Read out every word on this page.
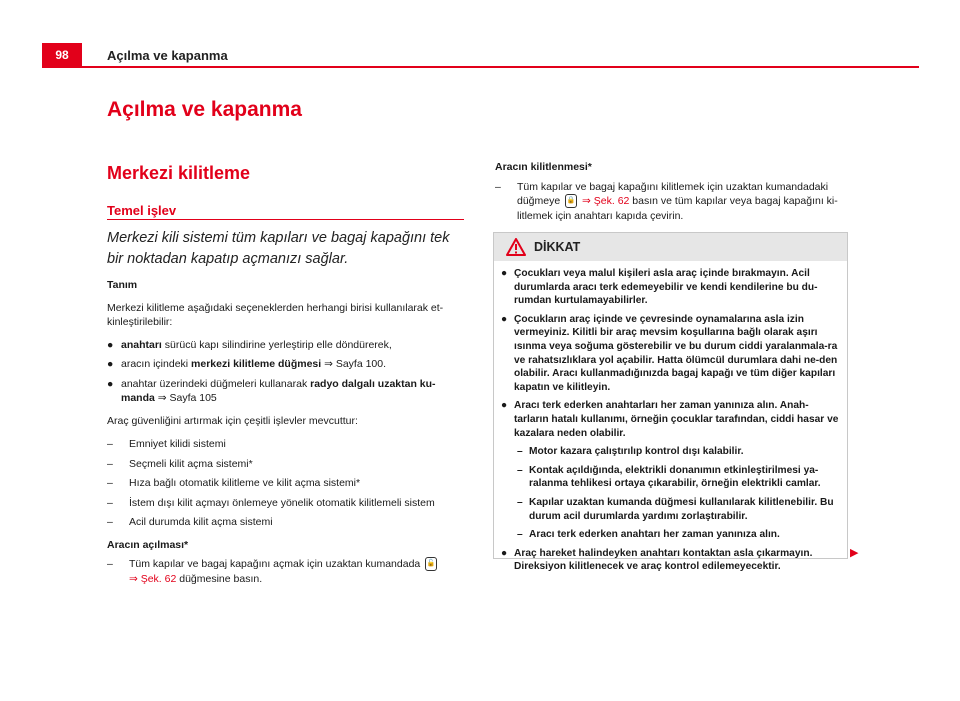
98	Açılma ve kapanma
Açılma ve kapanma
Merkezi kilitleme
Temel işlev
Merkezi kili sistemi tüm kapıları ve bagaj kapağını tek bir noktadan kapatıp açmanızı sağlar.

Tanım

Merkezi kilitleme aşağıdaki seçeneklerden herhangi birisi kullanılarak et-kinleştirilebilir:

● anahtarı sürücü kapı silindirine yerleştirip elle döndürerek,
● aracın içindeki merkezi kilitleme düğmesi ⇒ Sayfa 100.
● anahtar üzerindeki düğmeleri kullanarak radyo dalgalı uzaktan ku-manda ⇒ Sayfa 105

Araç güvenliğini artırmak için çeşitli işlevler mevcuttur:

–	Emniyet kilidi sistemi
–	Seçmeli kilit açma sistemi*
–	Hıza bağlı otomatik kilitleme ve kilit açma sistemi*
–	İstem dışı kilit açmayı önlemeye yönelik otomatik kilitlemeli sistem
–	Acil durumda kilit açma sistemi

Aracın açılması*

–	Tüm kapılar ve bagaj kapağını açmak için uzaktan kumandada 🔓
⇒ Şek. 62 düğmesine basın.

Aracın kilitlenmesi*

–	Tüm kapılar ve bagaj kapağını kilitlemek için uzaktan kumandadaki düğmeye 🔒 ⇒ Şek. 62 basın ve tüm kapılar veya bagaj kapağını ki-litlemek için anahtarı kapıda çevirin.
DİKKAT
● Çocukları veya malul kişileri asla araç içinde bırakmayın. Acil durumlarda aracı terk edemeyebilir ve kendi kendilerine bu du-rumdan kurtulamayabilirler.
● Çocukların araç içinde ve çevresinde oynamalarına asla izin vermeyiniz. Kilitli bir araç mevsim koşullarına bağlı olarak aşırı ısınma veya soğuma gösterebilir ve bu durum ciddi yaralanmala-ra ve rahatsızlıklara yol açabilir. Hatta ölümcül durumlara dahi ne-den olabilir. Aracı kullanmadığınızda bagaj kapağı ve tüm diğer kapıları kapatın ve kilitleyin.
● Aracı terk ederken anahtarları her zaman yanınıza alın. Anah-tarların hatalı kullanımı, örneğin çocuklar tarafından, ciddi hasar ve kazalara neden olabilir.
– Motor kazara çalıştırılıp kontrol dışı kalabilir.
– Kontak açıldığında, elektrikli donanımın etkinleştirilmesi ya-ralanma tehlikesi ortaya çıkarabilir, örneğin elektrikli camlar.
– Kapılar uzaktan kumanda düğmesi kullanılarak kilitlenebilir. Bu durum acil durumlarda yardımı zorlaştırabilir.
– Aracı terk ederken anahtarı her zaman yanınıza alın.
● Araç hareket halindeyken anahtarı kontaktan asla çıkarmayın. Direksiyon kilitlenecek ve araç kontrol edilemeyecektir.
▶
